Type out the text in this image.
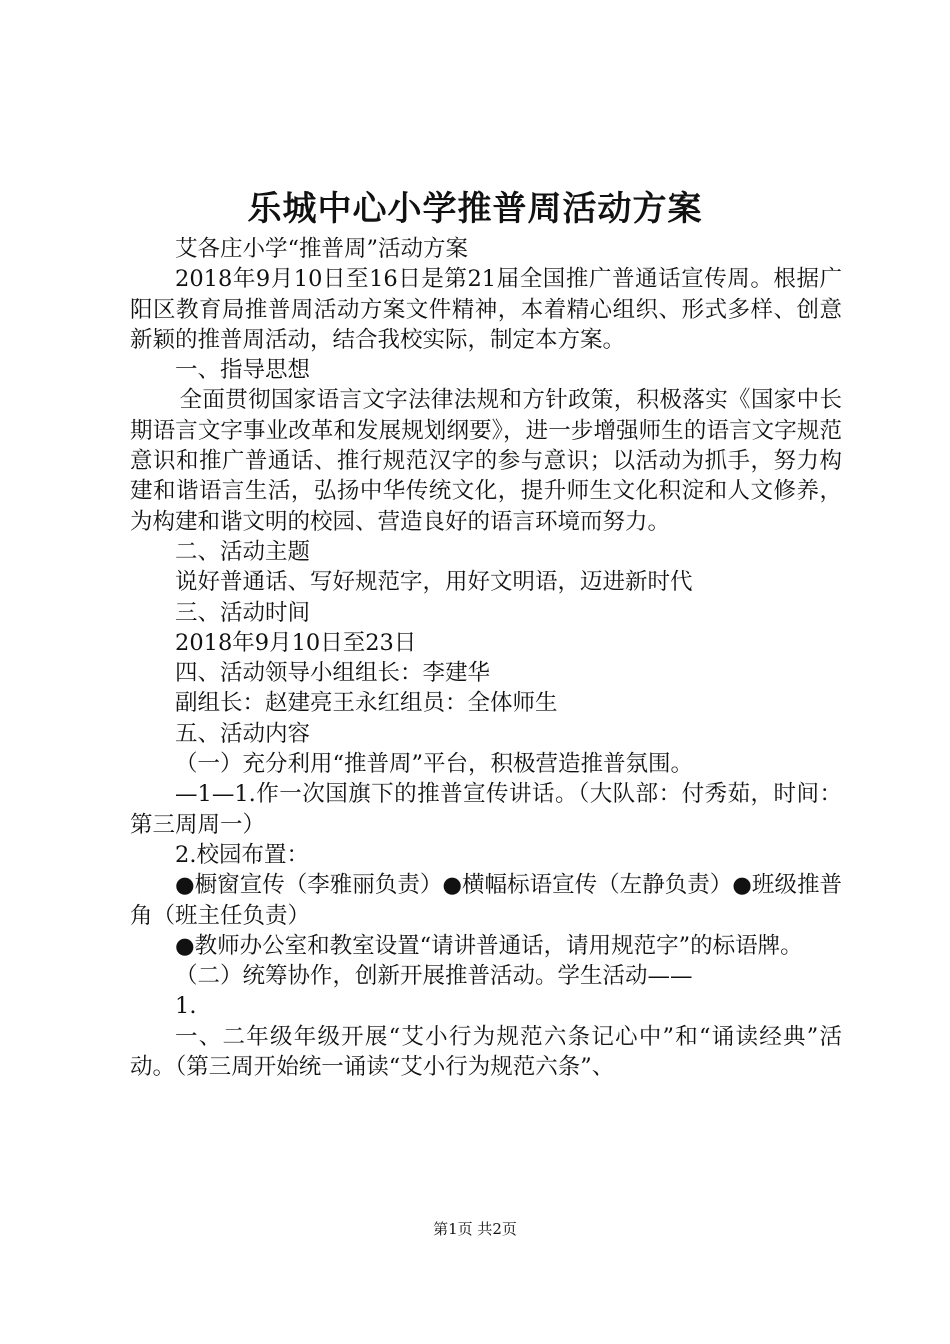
乐城中心小学推普周活动方案

艾各庄小学“推普周”活动方案

2018年9月10日至16日是第21届全国推广普通话宣传周。根据广阳区教育局推普周活动方案文件精神，本着精心组织、形式多样、创意新颖的推普周活动，结合我校实际，制定本方案。

一、指导思想

全面贯彻国家语言文字法律法规和方针政策，积极落实《国家中长期语言文字事业改革和发展规划纲要》，进一步增强师生的语言文字规范意识和推广普通话、推行规范汉字的参与意识；以活动为抓手，努力构建和谐语言生活，弘扬中华传统文化，提升师生文化积淀和人文修养，为构建和谐文明的校园、营造良好的语言环境而努力。

二、活动主题

说好普通话、写好规范字，用好文明语，迈进新时代

三、活动时间

2018年9月10日至23日

四、活动领导小组组长：李建华

副组长：赵建亮王永红组员：全体师生

五、活动内容

（一）充分利用“推普周”平台，积极营造推普氛围。

—1—1.作一次国旗下的推普宣传讲话。（大队部：付秀茹，时间：第三周周一）

2.校园布置：

●橱窗宣传（李雅丽负责）●横幅标语宣传（左静负责）●班级推普角（班主任负责）

●教师办公室和教室设置“请讲普通话，请用规范字”的标语牌。

（二）统筹协作，创新开展推普活动。学生活动——

1.

一、二年级年级开展“艾小行为规范六条记心中”和“诵读经典”活动。（第三周开始统一诵读“艾小行为规范六条”、

第1页 共2页
